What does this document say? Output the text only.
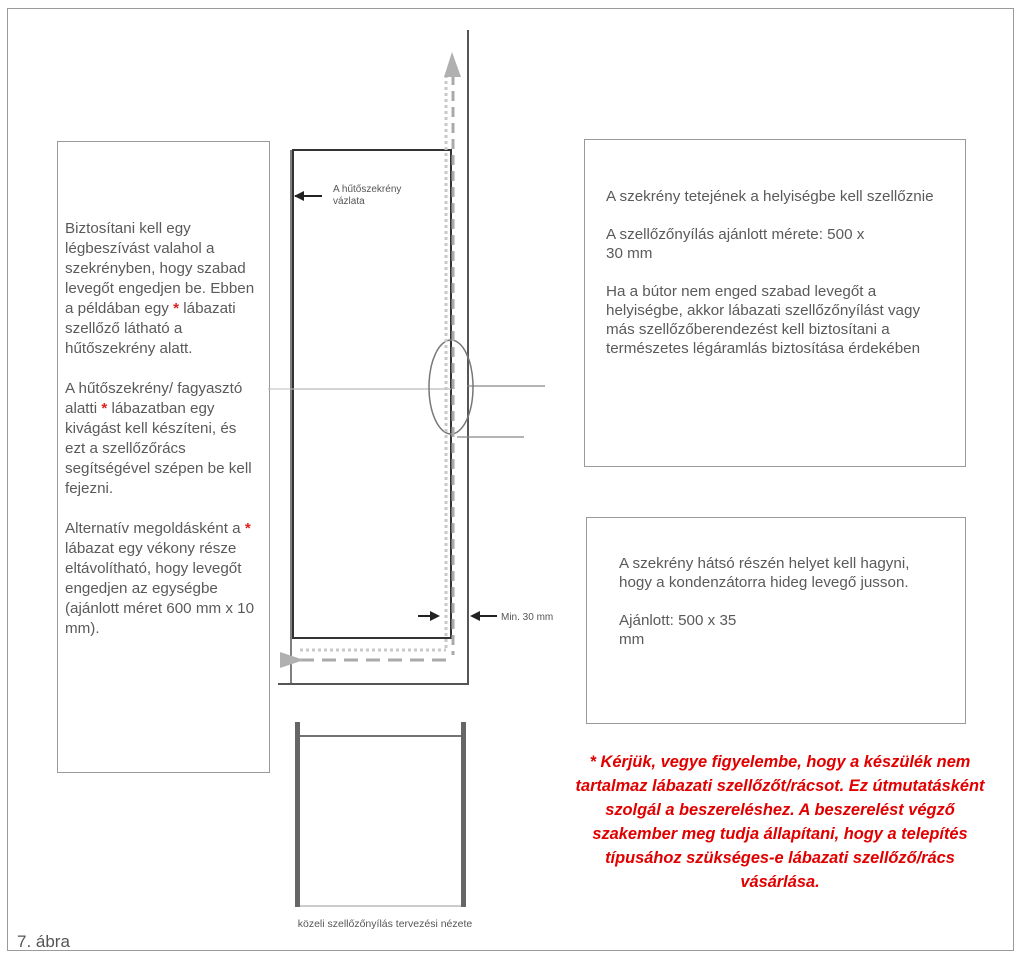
Biztosítani kell egy légbeszívást valahol a szekrényben, hogy szabad levegőt engedjen be. Ebben a példában egy * lábazati szellőző látható a hűtőszekrény alatt.

A hűtőszekrény/ fagyasztó alatti * lábazatban egy kivágást kell készíteni, és ezt a szellőzőrács segítségével szépen be kell fejezni.

Alternatív megoldásként a * lábazat egy vékony része eltávolítható, hogy levegőt engedjen az egységbe (ajánlott méret 600 mm x 10 mm).

A szekrény tetejének a helyiségbe kell szellőznie

A szellőzőnyílás ajánlott mérete: 500 x 30 mm

Ha a bútor nem enged szabad levegőt a helyiségbe, akkor lábazati szellőzőnyílást vagy más szellőzőberendezést kell biztosítani a természetes légáramlás biztosítása érdekében

A szekrény hátsó részén helyet kell hagyni, hogy a kondenzátorra hideg levegő jusson.

Ajánlott: 500 x 35 mm

A hűtőszekrény vázlata
Min. 30 mm
közeli szellőzőnyílás tervezési nézete
* Kérjük, vegye figyelembe, hogy a készülék nem tartalmaz lábazati szellőzőt/rácsot. Ez útmutatásként szolgál a beszereléshez. A beszerelést végző szakember meg tudja állapítani, hogy a telepítés típusához szükséges-e lábazati szellőző/rács vásárlása.
7. ábra
